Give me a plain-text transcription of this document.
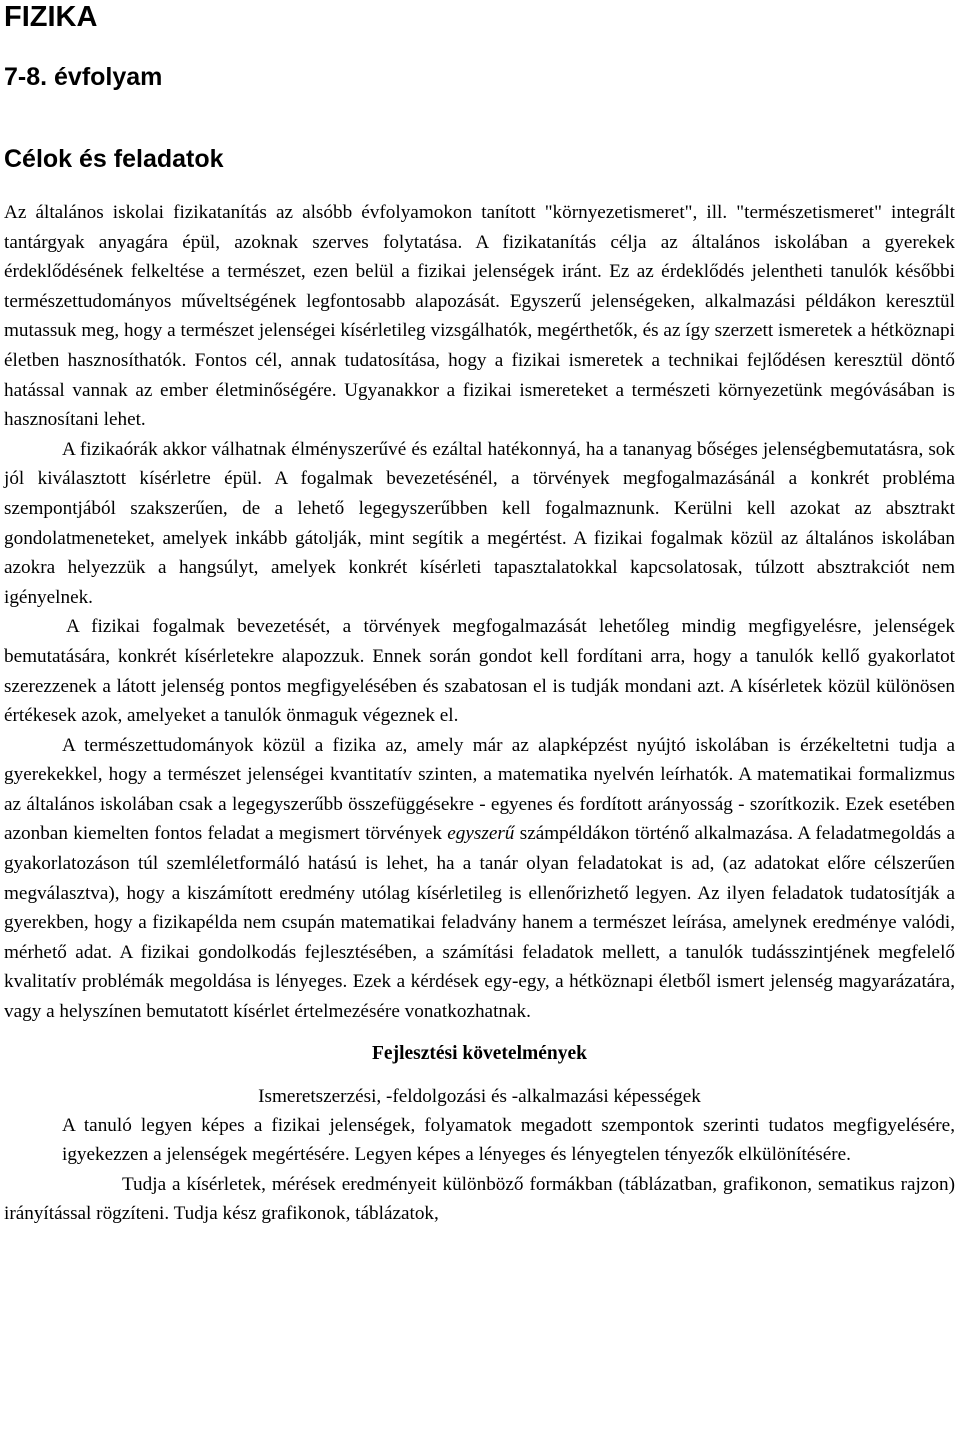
FIZIKA
7-8. évfolyam
Célok és feladatok

Az általános iskolai fizikatanítás az alsóbb évfolyamokon tanított "környezetismeret", ill. "természetismeret" integrált tantárgyak anyagára épül, azoknak szerves folytatása. A fizikatanítás célja az általános iskolában a gyerekek érdeklődésének felkeltése a természet, ezen belül a fizikai jelenségek iránt. Ez az érdeklődés jelentheti tanulók későbbi természettudományos műveltségének legfontosabb alapozását. Egyszerű jelenségeken, alkalmazási példákon keresztül mutassuk meg, hogy a természet jelenségei kísérletileg vizsgálhatók, megérthetők, és az így szerzett ismeretek a hétköznapi életben hasznosíthatók. Fontos cél, annak tudatosítása, hogy a fizikai ismeretek a technikai fejlődésen keresztül döntő hatással vannak az ember életminőségére. Ugyanakkor a fizikai ismereteket a természeti környezetünk megóvásában is hasznosítani lehet.

A fizikaórák akkor válhatnak élményszerűvé és ezáltal hatékonnyá, ha a tananyag bőséges jelenségbemutatásra, sok jól kiválasztott kísérletre épül. A fogalmak bevezetésénél, a törvények megfogalmazásánál a konkrét probléma szempontjából szakszerűen, de a lehető legegyszerűbben kell fogalmaznunk. Kerülni kell azokat az absztrakt gondolatmeneteket, amelyek inkább gátolják, mint segítik a megértést. A fizikai fogalmak közül az általános iskolában azokra helyezzük a hangsúlyt, amelyek konkrét kísérleti tapasztalatokkal kapcsolatosak, túlzott absztrakciót nem igényelnek.

A fizikai fogalmak bevezetését, a törvények megfogalmazását lehetőleg mindig megfigyelésre, jelenségek bemutatására, konkrét kísérletekre alapozzuk. Ennek során gondot kell fordítani arra, hogy a tanulók kellő gyakorlatot szerezzenek a látott jelenség pontos megfigyelésében és szabatosan el is tudják mondani azt. A kísérletek közül különösen értékesek azok, amelyeket a tanulók önmaguk végeznek el.

A természettudományok közül a fizika az, amely már az alapképzést nyújtó iskolában is érzékeltetni tudja a gyerekekkel, hogy a természet jelenségei kvantitatív szinten, a matematika nyelvén leírhatók. A matematikai formalizmus az általános iskolában csak a legegyszerűbb összefüggésekre - egyenes és fordított arányosság - szorítkozik. Ezek esetében azonban kiemelten fontos feladat a megismert törvények egyszerű számpéldákon történő alkalmazása. A feladatmegoldás a gyakorlatozáson túl szemléletformáló hatású is lehet, ha a tanár olyan feladatokat is ad, (az adatokat előre célszerűen megválasztva), hogy a kiszámított eredmény utólag kísérletileg is ellenőrizhető legyen. Az ilyen feladatok tudatosítják a gyerekben, hogy a fizikapélda nem csupán matematikai feladvány hanem a természet leírása, amelynek eredménye valódi, mérhető adat. A fizikai gondolkodás fejlesztésében, a számítási feladatok mellett, a tanulók tudásszintjének megfelelő kvalitatív problémák megoldása is lényeges. Ezek a kérdések egy-egy, a hétköznapi életből ismert jelenség magyarázatára, vagy a helyszínen bemutatott kísérlet értelmezésére vonatkozhatnak.

Fejlesztési követelmények
Ismeretszerzési, -feldolgozási és -alkalmazási képességek

A tanuló legyen képes a fizikai jelenségek, folyamatok megadott szempontok szerinti tudatos megfigyelésére, igyekezzen a jelenségek megértésére. Legyen képes a lényeges és lényegtelen tényezők elkülönítésére.

Tudja a kísérletek, mérések eredményeit különböző formákban (táblázatban, grafikonon, sematikus rajzon) irányítással rögzíteni. Tudja kész grafikonok, táblázatok,
